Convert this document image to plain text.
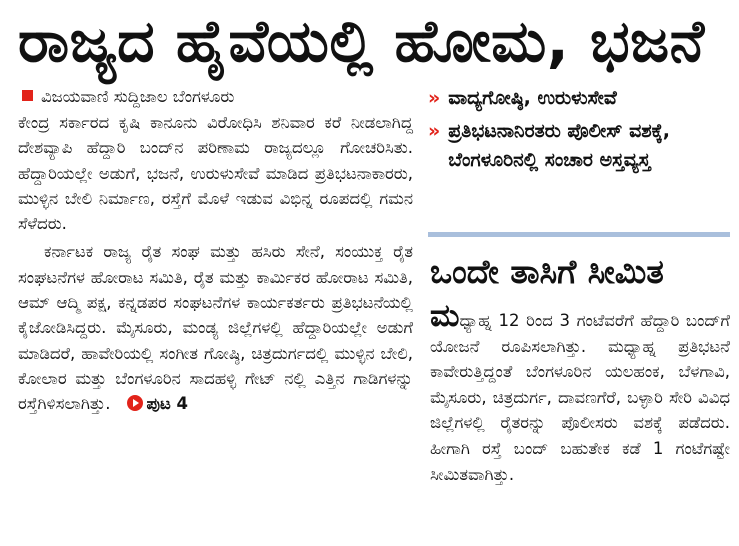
ರಾಜ್ಯದ ಹೈವೆಯಲ್ಲಿ ಹೋಮ, ಭಜನೆ
ವಿಜಯವಾಣಿ ಸುದ್ದಿಜಾಲ ಬೆಂಗಳೂರು

ಕೇಂದ್ರ ಸರ್ಕಾರದ ಕೃಷಿ ಕಾನೂನು ವಿರೋಧಿಸಿ ಶನಿವಾರ ಕರೆ ನೀಡಲಾಗಿದ್ದ ದೇಶವ್ಯಾಪಿ ಹೆದ್ದಾರಿ ಬಂದ್‌ನ ಪರಿಣಾಮ ರಾಜ್ಯದಲ್ಲೂ ಗೋಚರಿಸಿತು. ಹೆದ್ದಾರಿಯಲ್ಲೇ ಅಡುಗೆ, ಭಜನೆ, ಉರುಳುಸೇವೆ ಮಾಡಿದ ಪ್ರತಿಭಟನಾಕಾರರು, ಮುಳ್ಳಿನ ಬೇಲಿ ನಿರ್ಮಾಣ, ರಸ್ತೆಗೆ ಮೊಳೆ ಇಡುವ ವಿಭಿನ್ನ ರೂಪದಲ್ಲಿ ಗಮನ ಸೆಳೆದರು.

ಕರ್ನಾಟಕ ರಾಜ್ಯ ರೈತ ಸಂಘ ಮತ್ತು ಹಸಿರು ಸೇನೆ, ಸಂಯುಕ್ತ ರೈತ ಸಂಘಟನೆಗಳ ಹೋರಾಟ ಸಮಿತಿ, ರೈತ ಮತ್ತು ಕಾರ್ಮಿಕರ ಹೋರಾಟ ಸಮಿತಿ, ಆಮ್ ಆದ್ಮಿ ಪಕ್ಷ, ಕನ್ನಡಪರ ಸಂಘಟನೆಗಳ ಕಾರ್ಯಕರ್ತರು ಪ್ರತಿಭಟನೆಯಲ್ಲಿ ಕೈಜೋಡಿಸಿದ್ದರು. ಮೈಸೂರು, ಮಂಡ್ಯ ಜಿಲ್ಲೆಗಳಲ್ಲಿ ಹೆದ್ದಾರಿಯಲ್ಲೇ ಅಡುಗೆ ಮಾಡಿದರೆ, ಹಾವೇರಿಯಲ್ಲಿ ಸಂಗೀತ ಗೋಷ್ಠಿ, ಚಿತ್ರದುರ್ಗದಲ್ಲಿ ಮುಳ್ಳಿನ ಬೇಲಿ, ಕೋಲಾರ ಮತ್ತು ಬೆಂಗಳೂರಿನ ಸಾದಹಳ್ಳಿ ಗೇಟ್ ನಲ್ಲಿ ಎತ್ತಿನ ಗಾಡಿಗಳನ್ನು ರಸ್ತೆಗಿಳಿಸಲಾಗಿತ್ತು. ಪುಟ 4

» ವಾದ್ಯಗೋಷ್ಠಿ, ಉರುಳುಸೇವೆ
» ಪ್ರತಿಭಟನಾನಿರತರು ಪೊಲೀಸ್ ವಶಕ್ಕೆ, ಬೆಂಗಳೂರಿನಲ್ಲಿ ಸಂಚಾರ ಅಸ್ತವ್ಯಸ್ತ
ಒಂದೇ ತಾಸಿಗೆ ಸೀಮಿತ
ಮಧ್ಯಾಹ್ನ 12 ರಿಂದ 3 ಗಂಟೆವರೆಗೆ ಹೆದ್ದಾರಿ ಬಂದ್‌ಗೆ ಯೋಜನೆ ರೂಪಿಸಲಾಗಿತ್ತು. ಮಧ್ಯಾಹ್ನ ಪ್ರತಿಭಟನೆ ಕಾವೇರುತ್ತಿದ್ದಂತೆ ಬೆಂಗಳೂರಿನ ಯಲಹಂಕ, ಬೆಳಗಾವಿ, ಮೈಸೂರು, ಚಿತ್ರದುರ್ಗ, ದಾವಣಗೆರೆ, ಬಳ್ಳಾರಿ ಸೇರಿ ವಿವಿಧ ಜಿಲ್ಲೆಗಳಲ್ಲಿ ರೈತರನ್ನು ಪೊಲೀಸರು ವಶಕ್ಕೆ ಪಡೆದರು. ಹೀಗಾಗಿ ರಸ್ತೆ ಬಂದ್ ಬಹುತೇಕ ಕಡೆ 1 ಗಂಟೆಗಷ್ಟೇ ಸೀಮಿತವಾಗಿತ್ತು.
